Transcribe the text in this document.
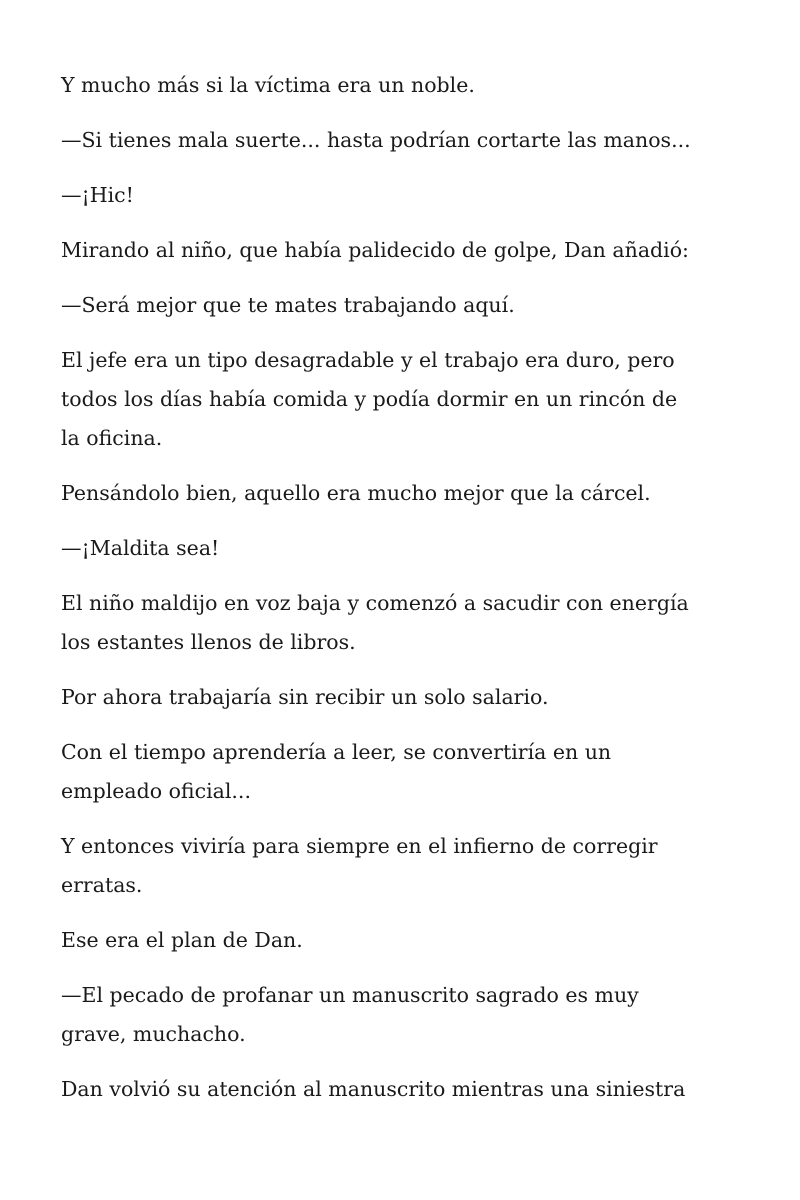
Y mucho más si la víctima era un noble.

—Si tienes mala suerte... hasta podrían cortarte las manos...

—¡Hic!

Mirando al niño, que había palidecido de golpe, Dan añadió:

—Será mejor que te mates trabajando aquí.

El jefe era un tipo desagradable y el trabajo era duro, pero
todos los días había comida y podía dormir en un rincón de
la oficina.

Pensándolo bien, aquello era mucho mejor que la cárcel.

—¡Maldita sea!

El niño maldijo en voz baja y comenzó a sacudir con energía
los estantes llenos de libros.

Por ahora trabajaría sin recibir un solo salario.

Con el tiempo aprendería a leer, se convertiría en un
empleado oficial...

Y entonces viviría para siempre en el infierno de corregir
erratas.

Ese era el plan de Dan.

—El pecado de profanar un manuscrito sagrado es muy
grave, muchacho.

Dan volvió su atención al manuscrito mientras una siniestra
